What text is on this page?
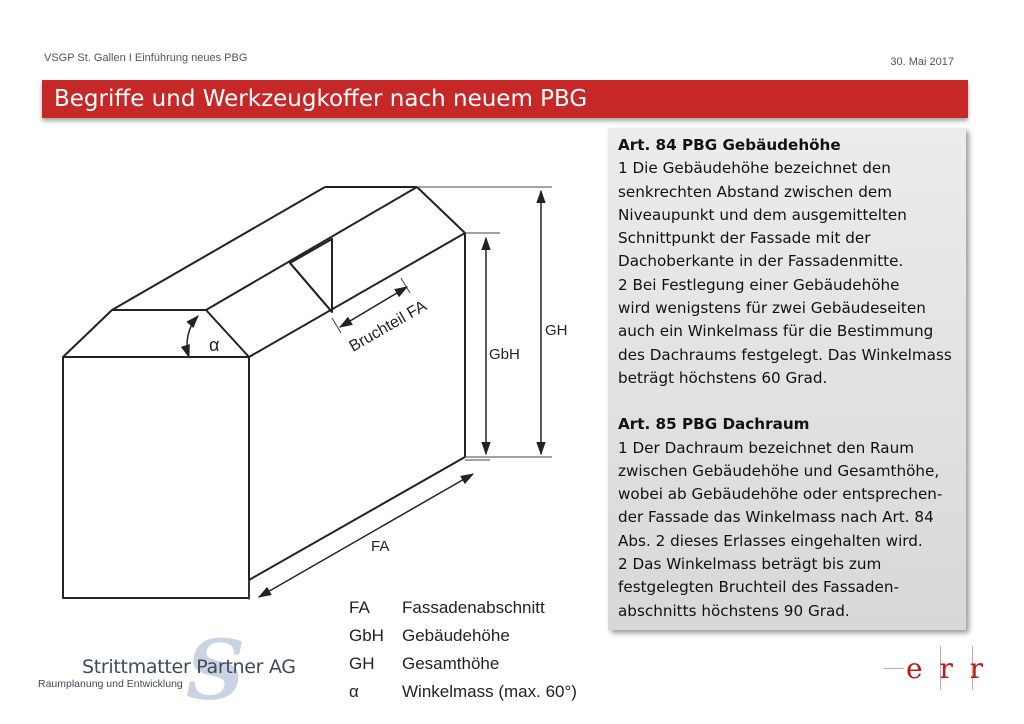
VSGP St. Gallen I Einführung neues PBG	30. Mai 2017
Begriffe und Werkzeugkoffer nach neuem PBG
α	Bruchteil FA	GbH
GH
FA

Art. 84 PBG Gebäudehöhe

1 Die Gebäudehöhe bezeichnet den

senkrechten Abstand zwischen dem

Niveaupunkt und dem ausgemittelten

Schnittpunkt der Fassade mit der

Dachoberkante in der Fassadenmitte.

2 Bei Festlegung einer Gebäudehöhe

wird wenigstens für zwei Gebäudeseiten

auch ein Winkelmass für die Bestimmung

des Dachraums festgelegt. Das Winkelmass

beträgt höchstens 60 Grad.

Art. 85 PBG Dachraum

1 Der Dachraum bezeichnet den Raum

zwischen Gebäudehöhe und Gesamthöhe,

wobei ab Gebäudehöhe oder entsprechen-

der Fassade das Winkelmass nach Art. 84

Abs. 2 dieses Erlasses eingehalten wird.

2 Das Winkelmass beträgt bis zum

festgelegten Bruchteil des Fassaden-

abschnitts höchstens 90 Grad.

FA Fassadenabschnitt
GbH Gebäudehöhe
GH Gesamthöhe
α	Winkelmass (max. 60°)
S
Strittmatter Partner AG
Raumplanung und Entwicklung	e r r
